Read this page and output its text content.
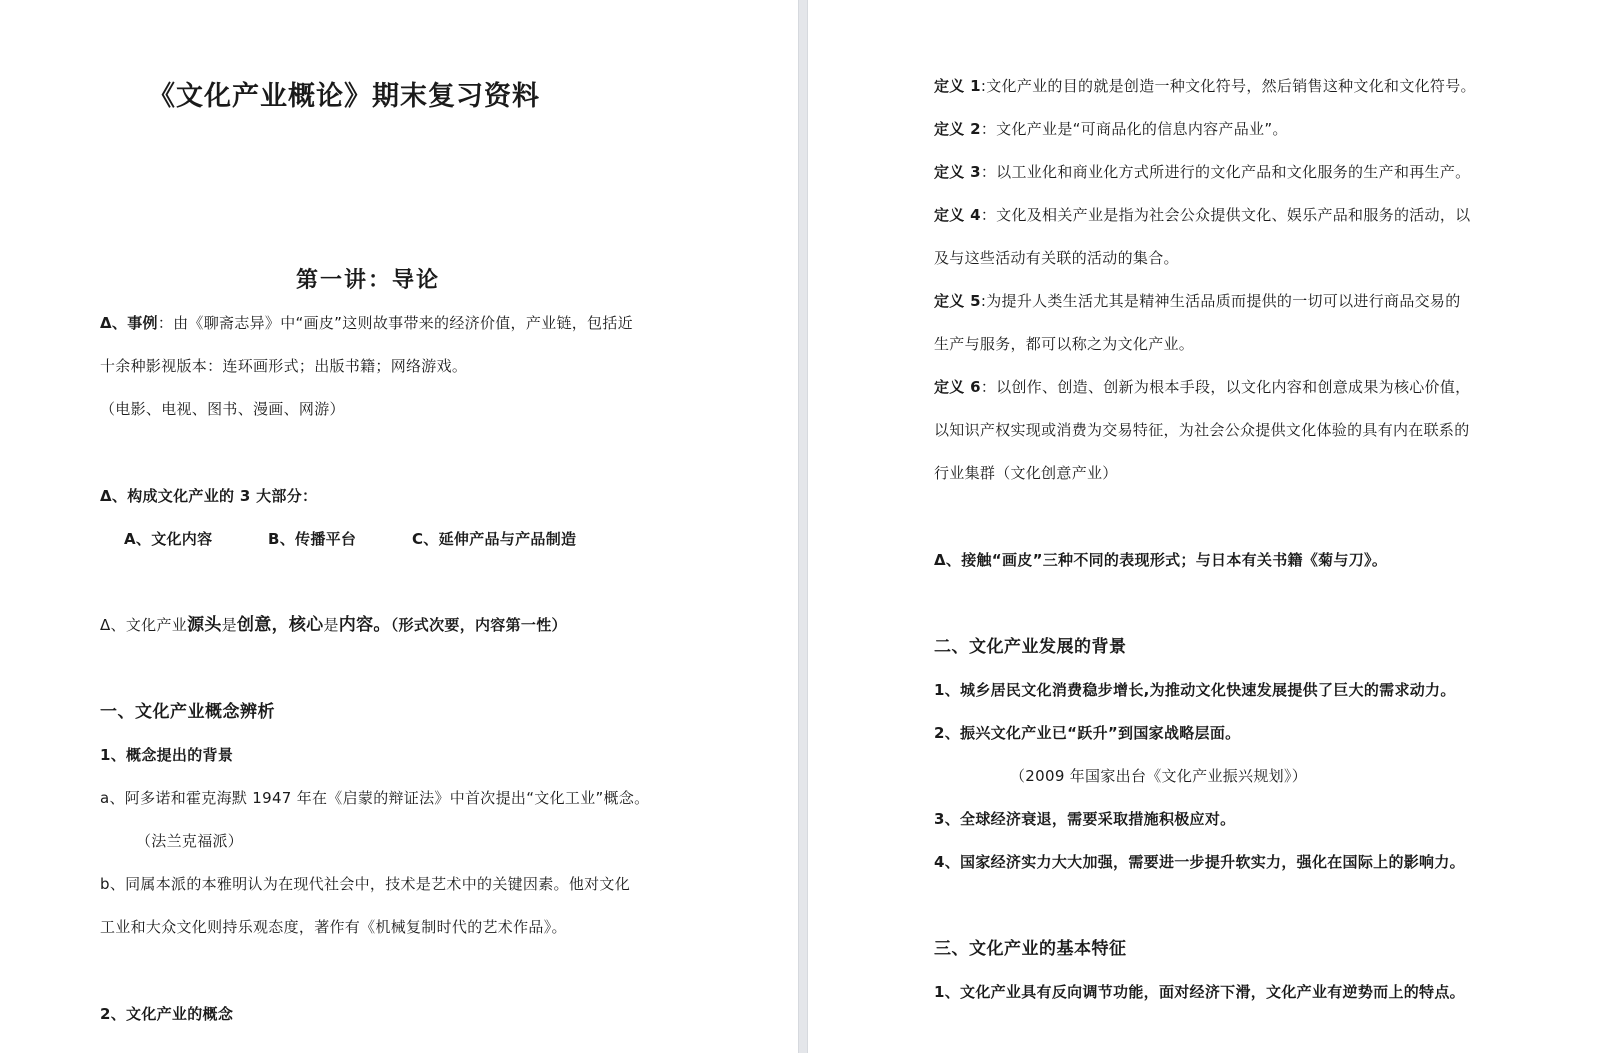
《文化产业概论》期末复习资料
第一讲：导论
Δ、事例：由《聊斋志异》中“画皮”这则故事带来的经济价值，产业链，包括近
十余种影视版本：连环画形式；出版书籍；网络游戏。
（电影、电视、图书、漫画、网游）
Δ、构成文化产业的 3 大部分：
A、文化内容	B、传播平台	C、延伸产品与产品制造
Δ、文化产业源头是创意，核心是内容。（形式次要，内容第一性）
一、文化产业概念辨析
1、概念提出的背景
a、阿多诺和霍克海默 1947 年在《启蒙的辩证法》中首次提出“文化工业”概念。
（法兰克福派）
b、同属本派的本雅明认为在现代社会中，技术是艺术中的关键因素。他对文化
工业和大众文化则持乐观态度，著作有《机械复制时代的艺术作品》。
2、文化产业的概念
定义 1:文化产业的目的就是创造一种文化符号，然后销售这种文化和文化符号。
定义 2：文化产业是“可商品化的信息内容产品业”。
定义 3：以工业化和商业化方式所进行的文化产品和文化服务的生产和再生产。
定义 4：文化及相关产业是指为社会公众提供文化、娱乐产品和服务的活动，以
及与这些活动有关联的活动的集合。
定义 5:为提升人类生活尤其是精神生活品质而提供的一切可以进行商品交易的
生产与服务，都可以称之为文化产业。
定义 6：以创作、创造、创新为根本手段，以文化内容和创意成果为核心价值，
以知识产权实现或消费为交易特征，为社会公众提供文化体验的具有内在联系的
行业集群（文化创意产业）
Δ、接触“画皮”三种不同的表现形式；与日本有关书籍《菊与刀》。
二、文化产业发展的背景
1、城乡居民文化消费稳步增长,为推动文化快速发展提供了巨大的需求动力。
2、振兴文化产业已“跃升”到国家战略层面。
（2009 年国家出台《文化产业振兴规划》）
3、全球经济衰退，需要采取措施积极应对。
4、国家经济实力大大加强，需要进一步提升软实力，强化在国际上的影响力。
三、文化产业的基本特征
1、文化产业具有反向调节功能，面对经济下滑，文化产业有逆势而上的特点。
